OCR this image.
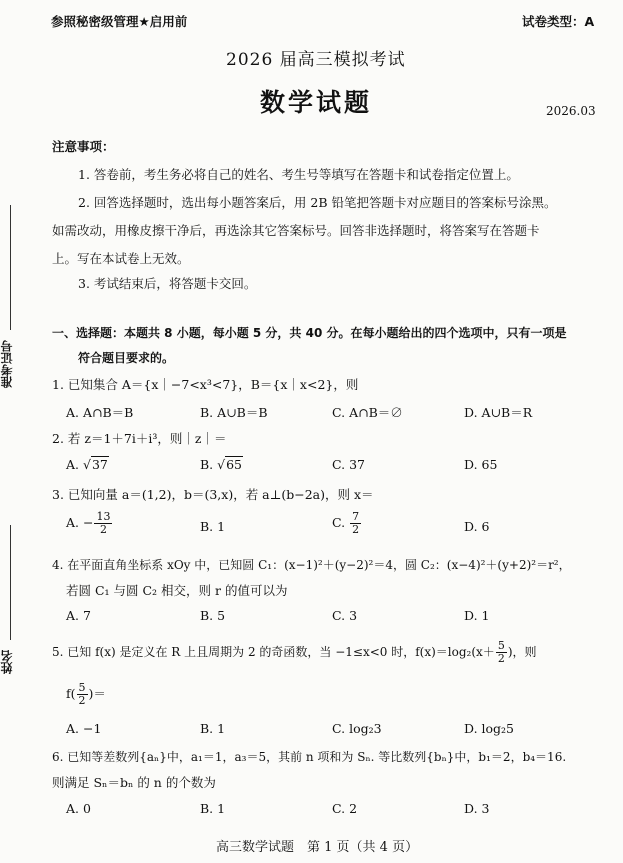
参照秘密级管理★启用前	试卷类型：A
2026 届高三模拟考试
数学试题	2026.03
准考证号
姓名
注意事项：
1. 答卷前，考生务必将自己的姓名、考生号等填写在答题卡和试卷指定位置上。
2. 回答选择题时，选出每小题答案后，用 2B 铅笔把答题卡对应题目的答案标号涂黑。
如需改动，用橡皮擦干净后，再选涂其它答案标号。回答非选择题时，将答案写在答题卡
上。写在本试卷上无效。
3. 考试结束后，将答题卡交回。
一、选择题：本题共 8 小题，每小题 5 分，共 40 分。在每小题给出的四个选项中，只有一项是
符合题目要求的。
1. 已知集合 A＝{x｜−7<x³<7}，B＝{x｜x<2}，则
A. A∩B＝B	B. A∪B＝B	C. A∩B＝∅	D. A∪B＝R
2. 若 z＝1＋7i＋i³，则｜z｜＝
A. √37	B. √65	C. 37	D. 65
3. 已知向量 a＝(1,2)，b＝(3,x)，若 a⊥(b−2a)，则 x＝
A. − $\frac{13}{2}$	B. 1	C. $\frac{7}{2}$	D. 6
4. 在平面直角坐标系 xOy 中，已知圆 C₁：(x−1)²＋(y−2)²＝4，圆 C₂：(x−4)²＋(y+2)²＝r²，
若圆 C₁ 与圆 C₂ 相交，则 r 的值可以为
A. 7	B. 5	C. 3	D. 1
5. 已知 f(x) 是定义在 R 上且周期为 2 的奇函数，当 −1≤x<0 时，$f(x)=\log_2(x+ \frac{5}{2}$ )，则
$f( \frac{5}{2}$ )＝
A. −1	B. 1	C. log₂3	D. log₂5
6. 已知等差数列{aₙ}中，a₁＝1，a₃＝5，其前 n 项和为 Sₙ. 等比数列{bₙ}中，b₁＝2，b₄＝16.
则满足 Sₙ＝bₙ 的 n 的个数为
A. 0	B. 1	C. 2	D. 3
高三数学试题　第 1 页（共 4 页）
